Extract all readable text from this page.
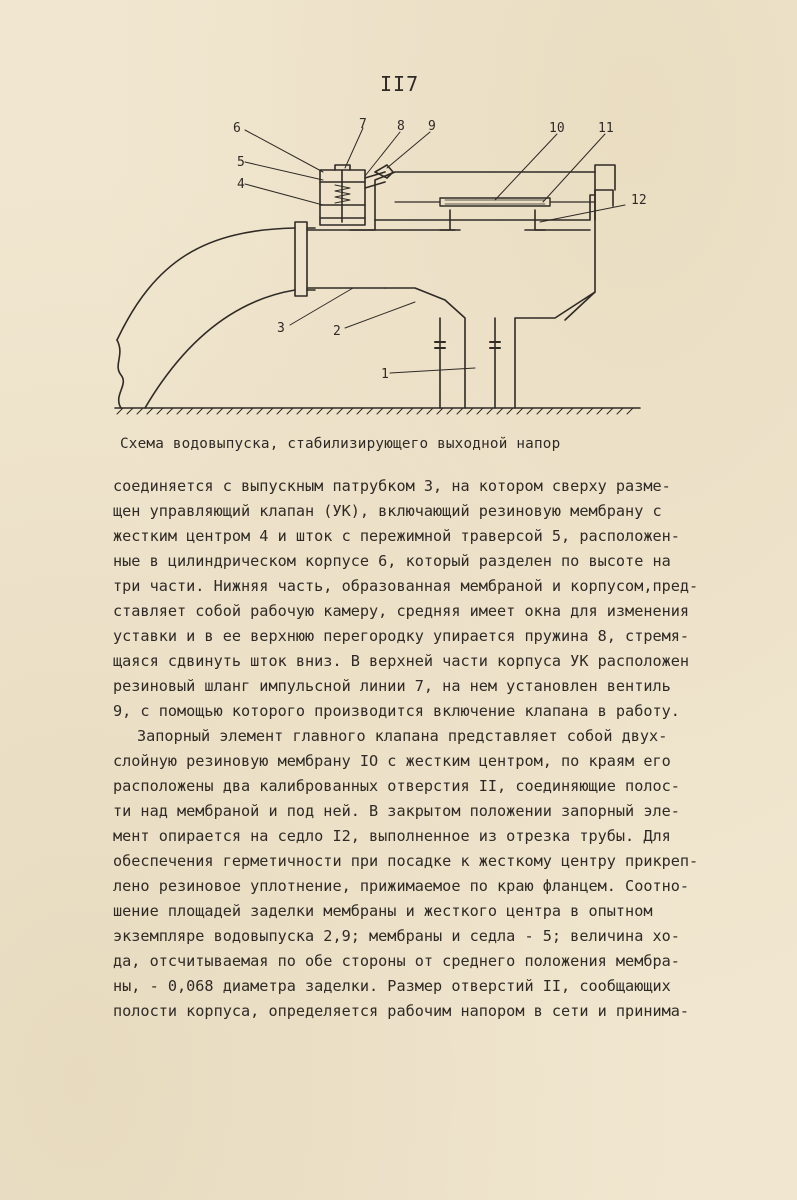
II7
6
5
4
7 8 9	10	11
12
3	2
1
Схема водовыпуска, стабилизирующего выходной напор
соединяется с выпускным патрубком 3, на котором сверху разме-
щен управляющий клапан (УК), включающий резиновую мембрану с
жестким центром 4 и шток с пережимной траверсой 5, расположен-
ные в цилиндрическом корпусе 6, который разделен по высоте на
три части. Нижняя часть, образованная мембраной и корпусом,пред-
ставляет собой рабочую камеру, средняя имеет окна для изменения
уставки и в ее верхнюю перегородку упирается пружина 8, стремя-
щаяся сдвинуть шток вниз. В верхней части корпуса УК расположен
резиновый шланг импульсной линии 7, на нем установлен вентиль
9, с помощью которого производится включение клапана в работу.
Запорный элемент главного клапана представляет собой двух-
слойную резиновую мембрану IO с жестким центром, по краям его
расположены два калиброванных отверстия II, соединяющие полос-
ти над мембраной и под ней. В закрытом положении запорный эле-
мент опирается на седло I2, выполненное из отрезка трубы. Для
обеспечения герметичности при посадке к жесткому центру прикреп-
лено резиновое уплотнение, прижимаемое по краю фланцем. Соотно-
шение площадей заделки мембраны и жесткого центра в опытном
экземпляре водовыпуска 2,9; мембраны и седла - 5; величина хо-
да, отсчитываемая по обе стороны от среднего положения мембра-
ны, - 0,068 диаметра заделки. Размер отверстий II, сообщающих
полости корпуса, определяется рабочим напором в сети и принима-
